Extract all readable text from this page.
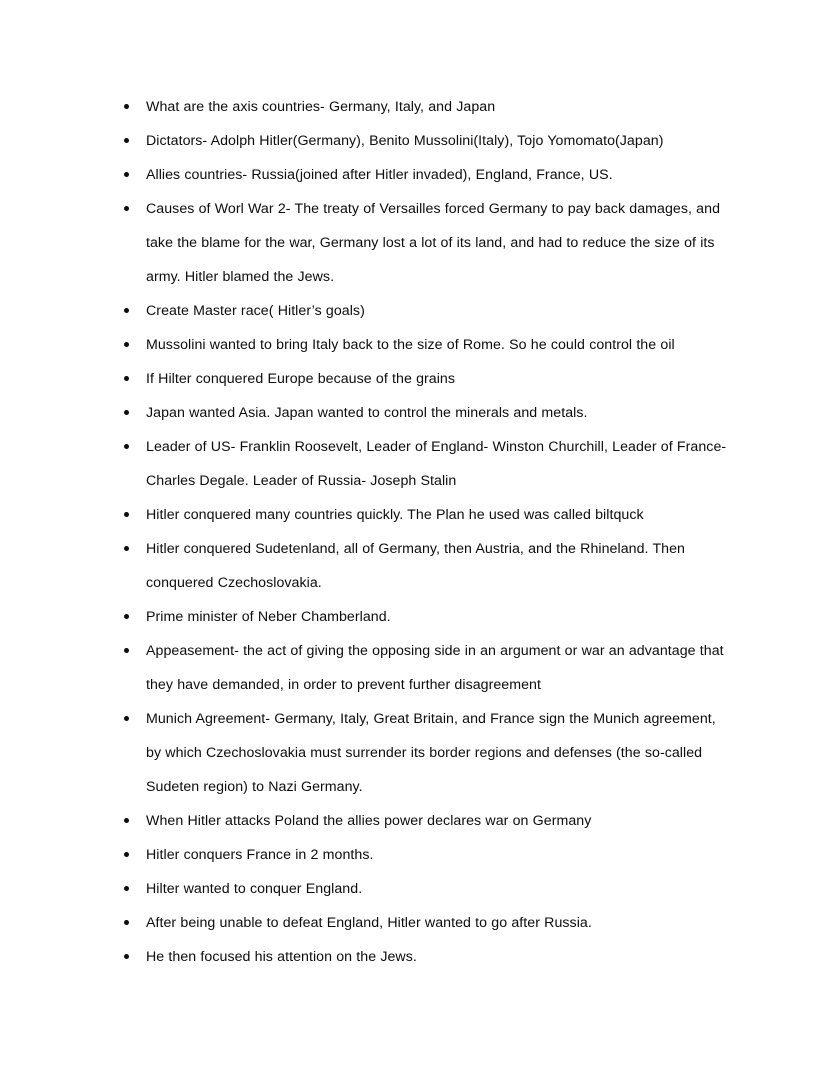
What are the axis countries- Germany, Italy, and Japan
Dictators- Adolph Hitler(Germany), Benito Mussolini(Italy), Tojo Yomomato(Japan)
Allies countries- Russia(joined after Hitler invaded), England, France, US.
Causes of Worl War 2- The treaty of Versailles forced Germany to pay back damages, and take the blame for the war, Germany lost a lot of its land, and had to reduce the size of its army. Hitler blamed the Jews.
Create Master race( Hitler’s goals)
Mussolini wanted to bring Italy back to the size of Rome. So he could control the oil
If Hilter conquered Europe because of the grains
Japan wanted Asia. Japan wanted to control the minerals and metals.
Leader of US- Franklin Roosevelt, Leader of England- Winston Churchill, Leader of France- Charles Degale. Leader of Russia- Joseph Stalin
Hitler conquered many countries quickly. The Plan he used was called biltquck
Hitler conquered Sudetenland, all of Germany, then Austria, and the Rhineland. Then conquered Czechoslovakia.
Prime minister of Neber Chamberland.
Appeasement- the act of giving the opposing side in an argument or war an advantage that they have demanded, in order to prevent further disagreement
Munich Agreement- Germany, Italy, Great Britain, and France sign the Munich agreement, by which Czechoslovakia must surrender its border regions and defenses (the so-called Sudeten region) to Nazi Germany.
When Hitler attacks Poland the allies power declares war on Germany
Hitler conquers France in 2 months.
Hilter wanted to conquer England.
After being unable to defeat England, Hitler wanted to go after Russia.
He then focused his attention on the Jews.
